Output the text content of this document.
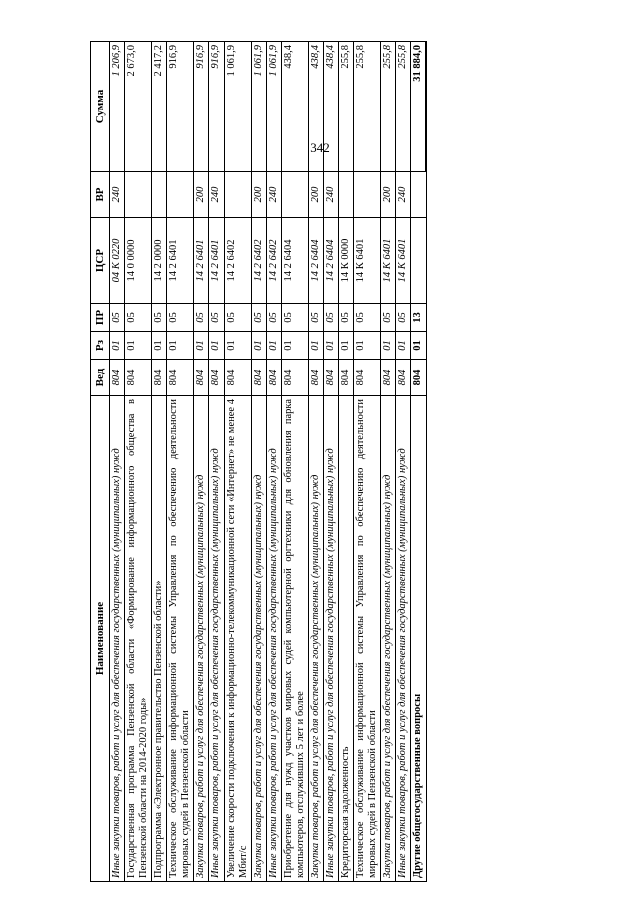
342
Наименование	Вед	Рз	ПР	ЦСР	ВР	Сумма
Иные закупки товаров, работ и услуг для обеспечения государственных (муниципальных) нужд	804	01	05	04 К 0220	240	1 206,9
Государственная программа Пензенской области «Формирование информационного общества в Пензенской области на 2014-2020 годы»	804	01	05	14 0 0000		2 673,0
Подпрограмма «Электронное правительство Пензенской области»	804	01	05	14 2 0000		2 417,2
Техническое обслуживание информационной системы Управления по обеспечению деятельности мировых судей в Пензенской области	804	01	05	14 2 6401		916,9
Закупка товаров, работ и услуг для обеспечения государственных (муниципальных) нужд	804	01	05	14 2 6401	200	916,9
Иные закупки товаров, работ и услуг для обеспечения государственных (муниципальных) нужд	804	01	05	14 2 6401	240	916,9
Увеличение скорости подключения к информационно-телекоммуникационной сети «Интернет» не менее 4 Мбит/с	804	01	05	14 2 6402		1 061,9
Закупка товаров, работ и услуг для обеспечения государственных (муниципальных) нужд	804	01	05	14 2 6402	200	1 061,9
Иные закупки товаров, работ и услуг для обеспечения государственных (муниципальных) нужд	804	01	05	14 2 6402	240	1 061,9
Приобретение для нужд участков мировых судей компьютерной оргтехники для обновления парка компьютеров, отслуживших 5 лет и более	804	01	05	14 2 6404		438,4
Закупка товаров, работ и услуг для обеспечения государственных (муниципальных) нужд	804	01	05	14 2 6404	200	438,4
Иные закупки товаров, работ и услуг для обеспечения государственных (муниципальных) нужд	804	01	05	14 2 6404	240	438,4
Кредиторская задолженность	804	01	05	14 К 0000		255,8
Техническое обслуживание информационной системы Управления по обеспечению деятельности мировых судей в Пензенской области	804	01	05	14 К 6401		255,8
Закупка товаров, работ и услуг для обеспечения государственных (муниципальных) нужд	804	01	05	14 К 6401	200	255,8
Иные закупки товаров, работ и услуг для обеспечения государственных (муниципальных) нужд	804	01	05	14 К 6401	240	255,8
Другие общегосударственные вопросы	804	01	13			31 884,0
